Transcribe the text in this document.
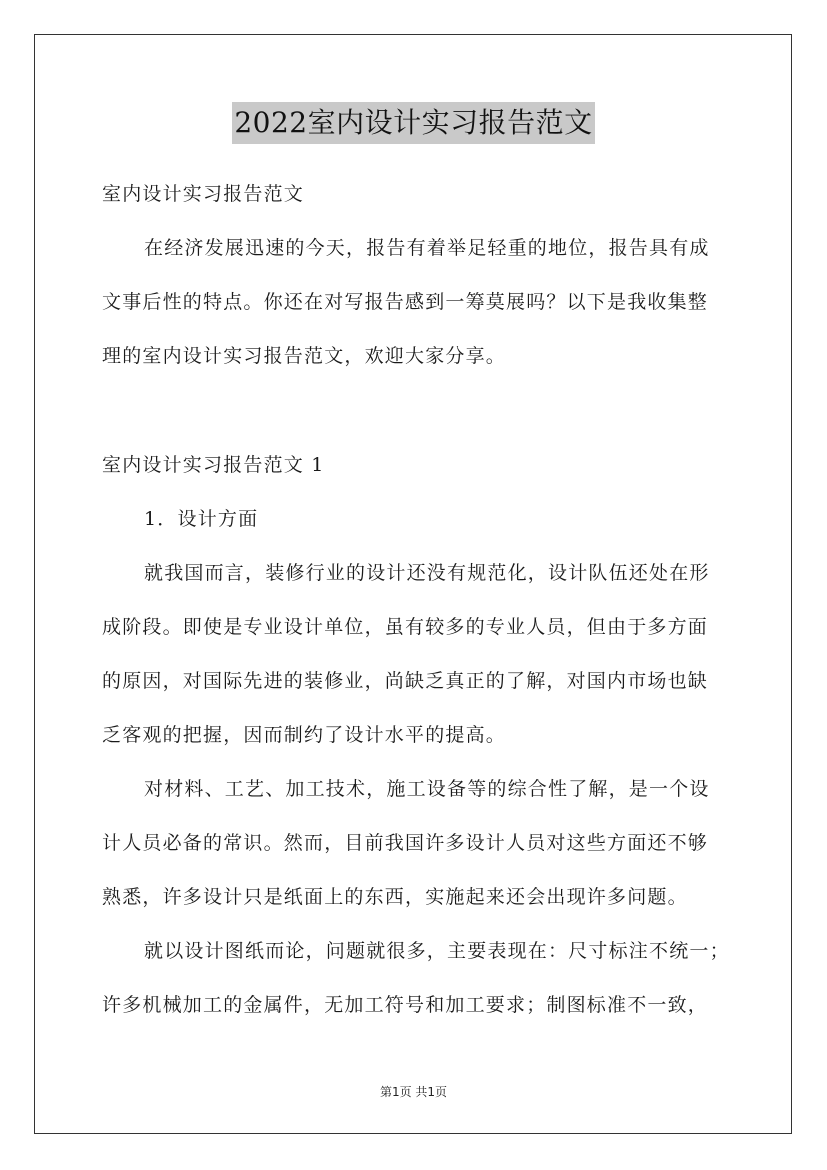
2022室内设计实习报告范文
室内设计实习报告范文
在经济发展迅速的今天，报告有着举足轻重的地位，报告具有成
文事后性的特点。你还在对写报告感到一筹莫展吗？以下是我收集整
理的室内设计实习报告范文，欢迎大家分享。
室内设计实习报告范文 1
1．设计方面
就我国而言，装修行业的设计还没有规范化，设计队伍还处在形
成阶段。即使是专业设计单位，虽有较多的专业人员，但由于多方面
的原因，对国际先进的装修业，尚缺乏真正的了解，对国内市场也缺
乏客观的把握，因而制约了设计水平的提高。
对材料、工艺、加工技术，施工设备等的综合性了解，是一个设
计人员必备的常识。然而，目前我国许多设计人员对这些方面还不够
熟悉，许多设计只是纸面上的东西，实施起来还会出现许多问题。
就以设计图纸而论，问题就很多，主要表现在：尺寸标注不统一；
许多机械加工的金属件，无加工符号和加工要求；制图标准不一致，
第1页 共1页
